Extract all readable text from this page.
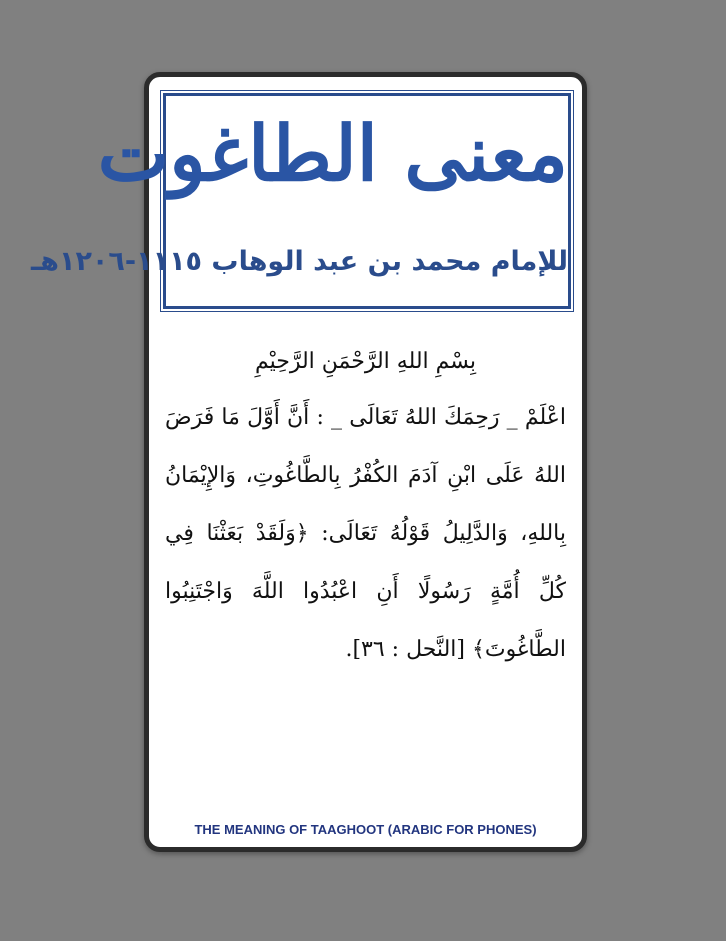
معنى الطاغوت
للإمام محمد بن عبد الوهاب ١١١٥-١٢٠٦هـ
بِسْمِ اللهِ الرَّحْمَنِ الرَّحِيْمِ
اعْلَمْ _ رَحِمَكَ اللهُ تَعَالَى _ : أَنَّ أَوَّلَ مَا فَرَضَ اللهُ عَلَى ابْنِ آدَمَ الكُفْرُ بِالطَّاغُوتِ، وَالإِيْمَانُ بِاللهِ، وَالدَّلِيلُ قَوْلُهُ تَعَالَى: ﴿وَلَقَدْ بَعَثْنَا فِي كُلِّ أُمَّةٍ رَسُولًا أَنِ اعْبُدُوا اللَّهَ وَاجْتَنِبُوا الطَّاغُوتَ﴾ [النَّحل : ٣٦].
THE MEANING OF TAAGHOOT (ARABIC FOR PHONES)
